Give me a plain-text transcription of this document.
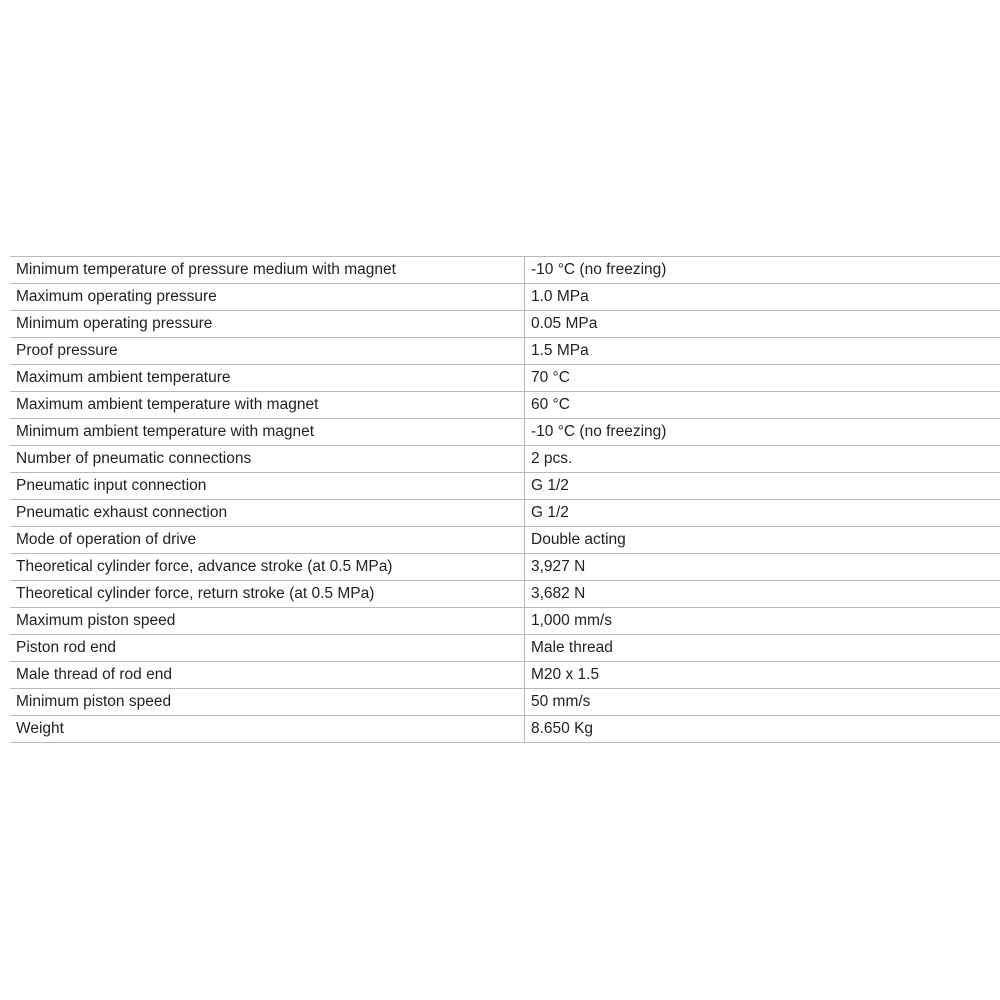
Minimum temperature of pressure medium with magnet	-10 °C (no freezing)
Maximum operating pressure	1.0 MPa
Minimum operating pressure	0.05 MPa
Proof pressure	1.5 MPa
Maximum ambient temperature	70 °C
Maximum ambient temperature with magnet	60 °C
Minimum ambient temperature with magnet	-10 °C (no freezing)
Number of pneumatic connections	2 pcs.
Pneumatic input connection	G 1/2
Pneumatic exhaust connection	G 1/2
Mode of operation of drive	Double acting
Theoretical cylinder force, advance stroke (at 0.5 MPa)	3,927 N
Theoretical cylinder force, return stroke (at 0.5 MPa)	3,682 N
Maximum piston speed	1,000 mm/s
Piston rod end	Male thread
Male thread of rod end	M20 x 1.5
Minimum piston speed	50 mm/s
Weight	8.650 Kg
